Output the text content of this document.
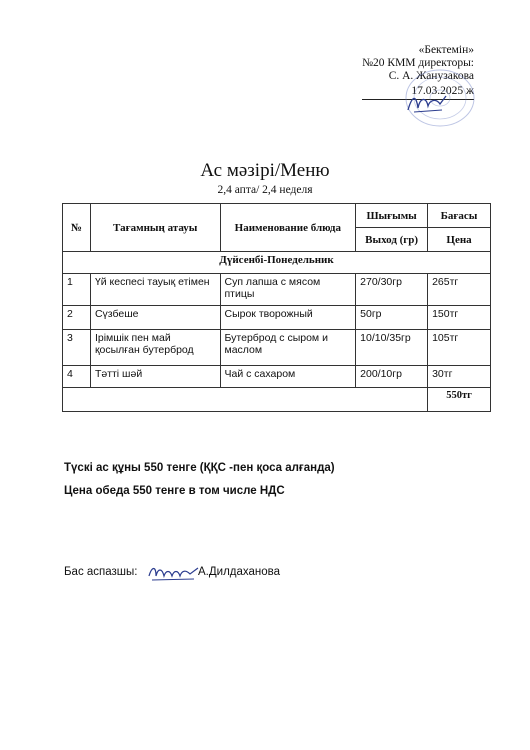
«Бектемін»
№20 КММ директоры:
С. А. Жанузакова
17.03.2025 ж
Ас мәзірі/Меню
2,4 апта/ 2,4 неделя
№	Тағамның атауы	Наименование блюда	Шығымы	Бағасы
			Выход (гр)	Цена
Дүйсенбі-Понедельник				
1	Үй кеспесі тауық етімен	Суп лапша с мясом птицы	270/30гр	265тг
2	Сүзбеше	Сырок творожный	50гр	150тг
3	Ірімшік пен май қосылған бутерброд	Бутерброд с сыром и маслом	10/10/35гр	105тг
4	Тәтті шәй	Чай с сахаром	200/10гр	30тг
				550тг
Түскі ас құны 550 тенге (ҚҚС -пен қоса алғанда)
Цена обеда 550 тенге в том числе НДС
Бас аспазшы:	А.Дилдаханова
